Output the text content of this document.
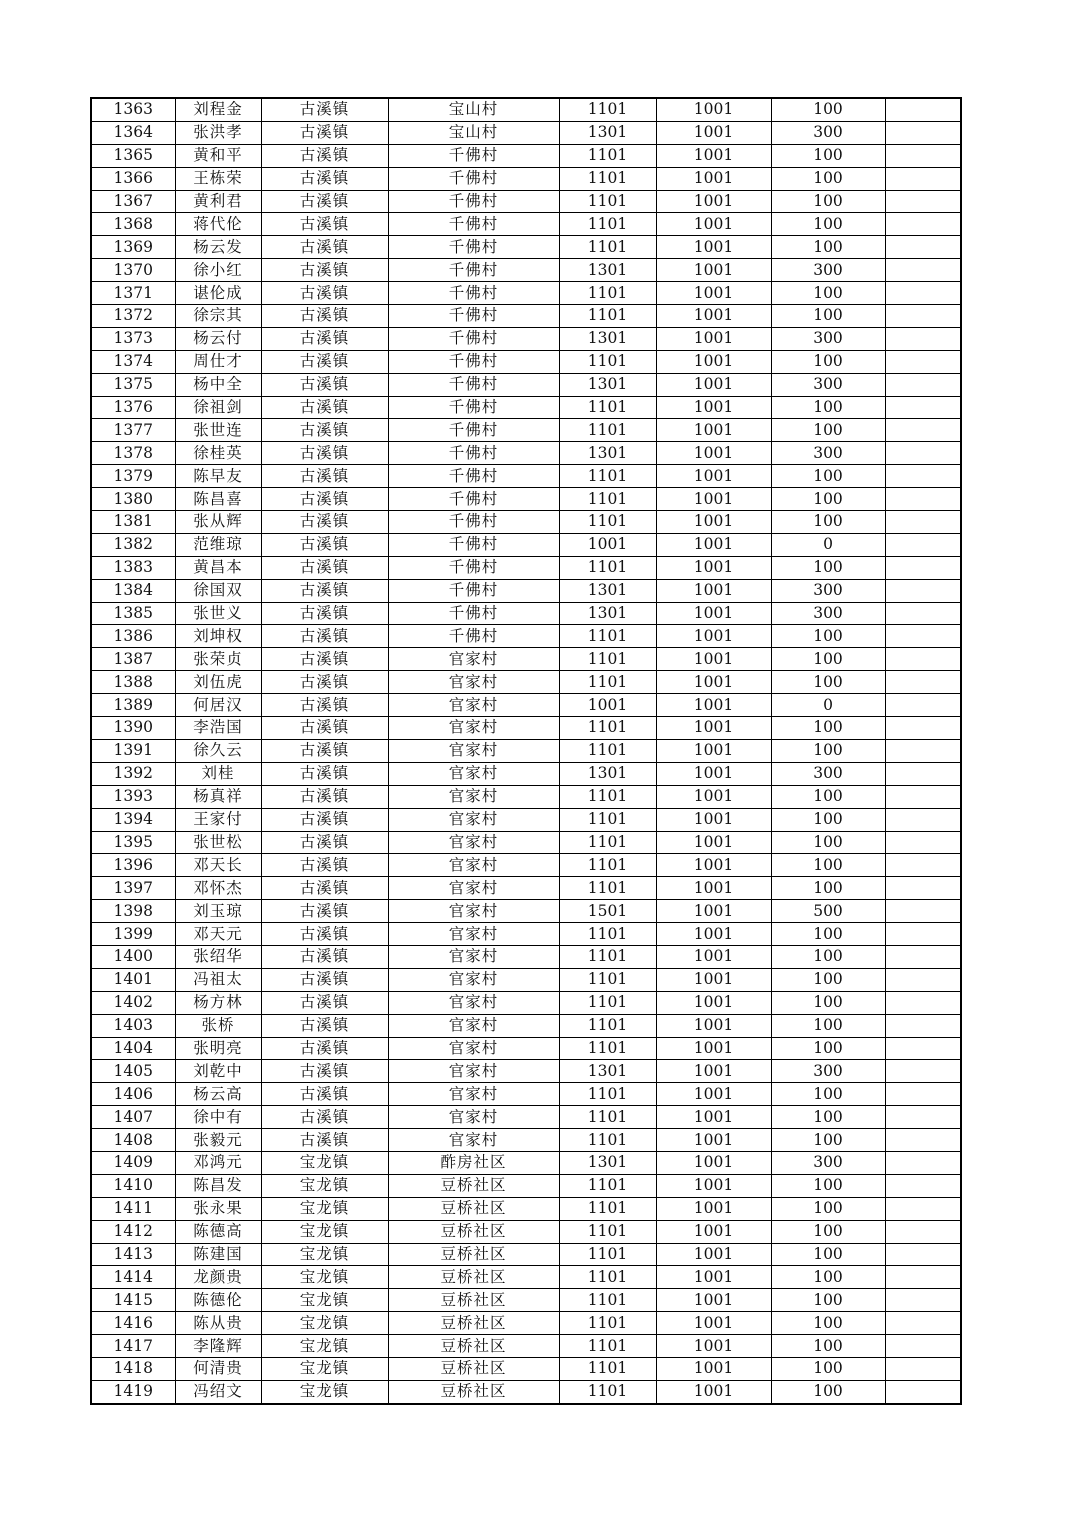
1363	刘程金	古溪镇	宝山村	1101	1001	100	
1364	张洪孝	古溪镇	宝山村	1301	1001	300	
1365	黄和平	古溪镇	千佛村	1101	1001	100	
1366	王栋荣	古溪镇	千佛村	1101	1001	100	
1367	黄利君	古溪镇	千佛村	1101	1001	100	
1368	蒋代伦	古溪镇	千佛村	1101	1001	100	
1369	杨云发	古溪镇	千佛村	1101	1001	100	
1370	徐小红	古溪镇	千佛村	1301	1001	300	
1371	谌伦成	古溪镇	千佛村	1101	1001	100	
1372	徐宗其	古溪镇	千佛村	1101	1001	100	
1373	杨云付	古溪镇	千佛村	1301	1001	300	
1374	周仕才	古溪镇	千佛村	1101	1001	100	
1375	杨中全	古溪镇	千佛村	1301	1001	300	
1376	徐祖剑	古溪镇	千佛村	1101	1001	100	
1377	张世连	古溪镇	千佛村	1101	1001	100	
1378	徐桂英	古溪镇	千佛村	1301	1001	300	
1379	陈早友	古溪镇	千佛村	1101	1001	100	
1380	陈昌喜	古溪镇	千佛村	1101	1001	100	
1381	张从辉	古溪镇	千佛村	1101	1001	100	
1382	范维琼	古溪镇	千佛村	1001	1001	0	
1383	黄昌本	古溪镇	千佛村	1101	1001	100	
1384	徐国双	古溪镇	千佛村	1301	1001	300	
1385	张世义	古溪镇	千佛村	1301	1001	300	
1386	刘坤权	古溪镇	千佛村	1101	1001	100	
1387	张荣贞	古溪镇	官家村	1101	1001	100	
1388	刘伍虎	古溪镇	官家村	1101	1001	100	
1389	何居汉	古溪镇	官家村	1001	1001	0	
1390	李浩国	古溪镇	官家村	1101	1001	100	
1391	徐久云	古溪镇	官家村	1101	1001	100	
1392	刘桂	古溪镇	官家村	1301	1001	300	
1393	杨真祥	古溪镇	官家村	1101	1001	100	
1394	王家付	古溪镇	官家村	1101	1001	100	
1395	张世松	古溪镇	官家村	1101	1001	100	
1396	邓天长	古溪镇	官家村	1101	1001	100	
1397	邓怀杰	古溪镇	官家村	1101	1001	100	
1398	刘玉琼	古溪镇	官家村	1501	1001	500	
1399	邓天元	古溪镇	官家村	1101	1001	100	
1400	张绍华	古溪镇	官家村	1101	1001	100	
1401	冯祖太	古溪镇	官家村	1101	1001	100	
1402	杨方林	古溪镇	官家村	1101	1001	100	
1403	张桥	古溪镇	官家村	1101	1001	100	
1404	张明亮	古溪镇	官家村	1101	1001	100	
1405	刘乾中	古溪镇	官家村	1301	1001	300	
1406	杨云高	古溪镇	官家村	1101	1001	100	
1407	徐中有	古溪镇	官家村	1101	1001	100	
1408	张毅元	古溪镇	官家村	1101	1001	100	
1409	邓鸿元	宝龙镇	酢房社区	1301	1001	300	
1410	陈昌发	宝龙镇	豆桥社区	1101	1001	100	
1411	张永果	宝龙镇	豆桥社区	1101	1001	100	
1412	陈德高	宝龙镇	豆桥社区	1101	1001	100	
1413	陈建国	宝龙镇	豆桥社区	1101	1001	100	
1414	龙颜贵	宝龙镇	豆桥社区	1101	1001	100	
1415	陈德伦	宝龙镇	豆桥社区	1101	1001	100	
1416	陈从贵	宝龙镇	豆桥社区	1101	1001	100	
1417	李隆辉	宝龙镇	豆桥社区	1101	1001	100	
1418	何清贵	宝龙镇	豆桥社区	1101	1001	100	
1419	冯绍文	宝龙镇	豆桥社区	1101	1001	100	
